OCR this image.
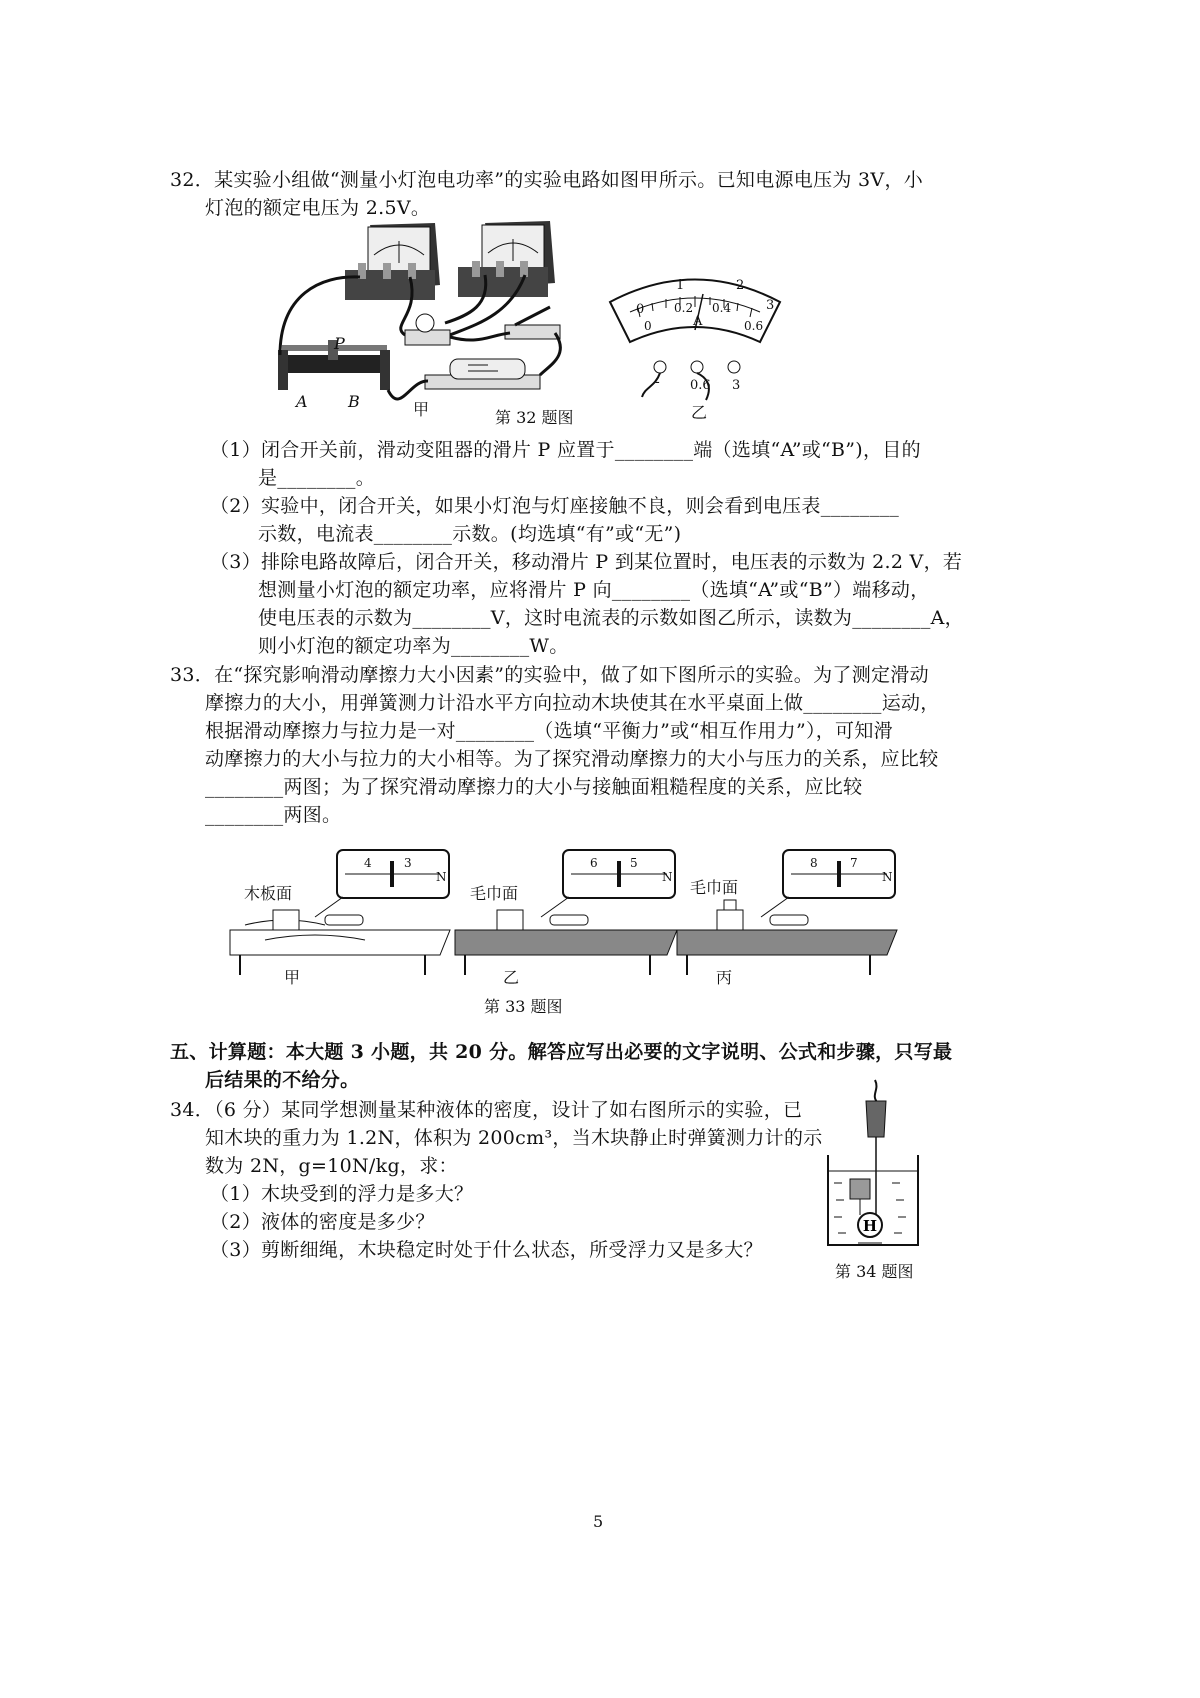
32．某实验小组做“测量小灯泡电功率”的实验电路如图甲所示。已知电源电压为 3V，小
灯泡的额定电压为 2.5V。
P
A	B	甲	第 32 题图
0
1	2
3
0
0.2 0.4
0.6
A
- 0.6 3
乙
（1）闭合开关前，滑动变阻器的滑片 P 应置于________端（选填“A”或“B”)，目的
是________。
（2）实验中，闭合开关，如果小灯泡与灯座接触不良，则会看到电压表________
示数，电流表________示数。(均选填“有”或“无”)
（3）排除电路故障后，闭合开关，移动滑片 P 到某位置时，电压表的示数为 2.2 V，若
想测量小灯泡的额定功率，应将滑片 P 向________（选填“A”或“B”）端移动，
使电压表的示数为________V，这时电流表的示数如图乙所示，读数为________A，
则小灯泡的额定功率为________W。
33．在“探究影响滑动摩擦力大小因素”的实验中，做了如下图所示的实验。为了测定滑动
摩擦力的大小，用弹簧测力计沿水平方向拉动木块使其在水平桌面上做________运动，
根据滑动摩擦力与拉力是一对________（选填“平衡力”或“相互作用力”），可知滑
动摩擦力的大小与拉力的大小相等。为了探究滑动摩擦力的大小与压力的关系，应比较
________两图；为了探究滑动摩擦力的大小与接触面粗糙程度的关系，应比较
________两图。
木板面	毛巾面	毛巾面
4	3
N
6	5
N
8	7
N
甲	乙	丙
第 33 题图
五、计算题：本大题 3 小题，共 20 分。解答应写出必要的文字说明、公式和步骤，只写最
后结果的不给分。
34．（6 分）某同学想测量某种液体的密度，设计了如右图所示的实验，已
知木块的重力为 1.2N，体积为 200cm³，当木块静止时弹簧测力计的示
数为 2N，g=10N/kg，求：
（1）木块受到的浮力是多大？
（2）液体的密度是多少？
（3）剪断细绳，木块稳定时处于什么状态，所受浮力又是多大？
H
第 34 题图
5
